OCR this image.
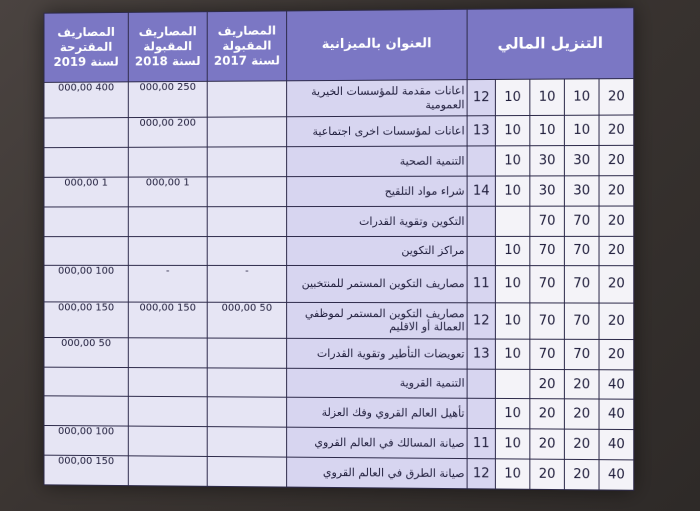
التنزيل المالي					العنوان بالميزانية	المصاريف المقبولة لسنة 2017	المصاريف المقبولة لسنة 2018	المصاريف المقترحة لسنة 2019
20	10	10	10	12	اعانات مقدمة للمؤسسات الخيرية العمومية		250 000,00	400 000,00
20	10	10	10	13	اعانات لمؤسسات اخرى اجتماعية		200 000,00	
20	30	30	10		التنمية الصحية			
20	30	30	10	14	شراء مواد التلقيح		1 000,00	1 000,00
20	70	70			التكوين وتقوية القدرات			
20	70	70	10		مراكز التكوين			
20	70	70	10	11	مصاريف التكوين المستمر للمنتخبين	-	-	100 000,00
20	70	70	10	12	مصاريف التكوين المستمر لموظفي العمالة أو الاقليم	50 000,00	150 000,00	150 000,00
20	70	70	10	13	تعويضات التأطير وتقوية القدرات			50 000,00
40	20	20			التنمية القروية			
40	20	20	10		تأهيل العالم القروي وفك العزلة			
40	20	20	10	11	صيانة المسالك في العالم القروي			100 000,00
40	20	20	10	12	صيانة الطرق في العالم القروي			150 000,00
